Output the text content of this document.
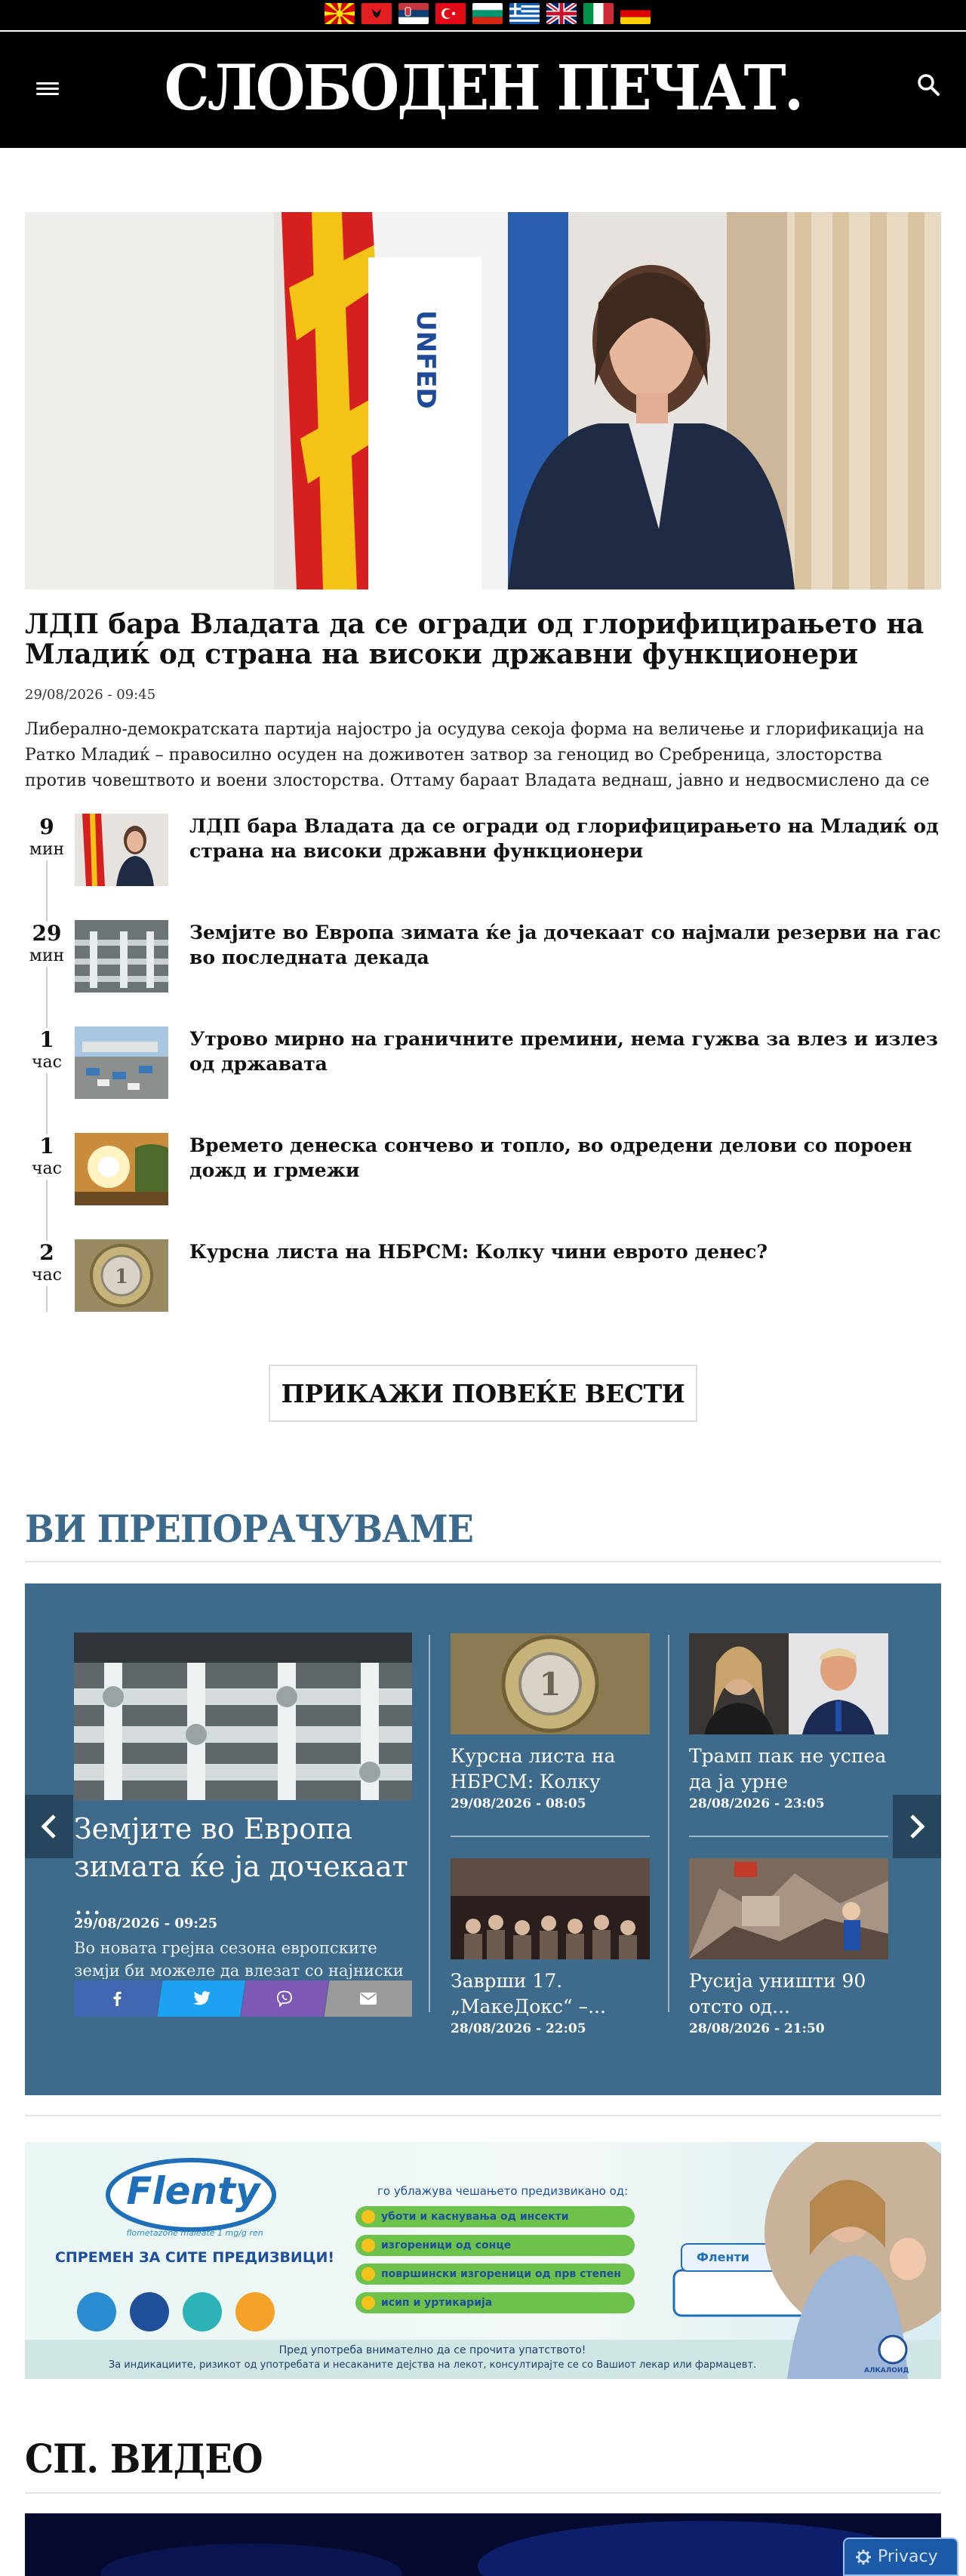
СЛОБОДЕН ПЕЧАТ.
UNFED
ЛДП бара Владата да се огради од глорифицирањето на Младиќ од страна на високи државни функционери
29/08/2026 - 09:45

Либерално-демократската партија најостро ја осудува секоја форма на величење и глорификација на Ратко Младиќ – правосилно осуден на доживотен затвор за геноцид во Сребреница, злосторства против човештвото и воени злосторства. Оттаму бараат Владата веднаш, јавно и недвосмислено да се

9
мин
ЛДП бара Владата да се огради од глорифицирањето на Младиќ од страна на високи државни функционери
29
мин
Земјите во Европа зимата ќе ја дочекаат со најмали резерви на гас во последната декада
1
час
Утрово мирно на граничните премини, нема гужва за влез и излез од државата
1
час
Времето денеска сончево и топло, во одредени делови со пороен дожд и грмежи
2
час	1
Курсна листа на НБРСМ: Колку чини еврото денес?
ПРИКАЖИ ПОВЕЌЕ ВЕСТИ
ВИ ПРЕПОРАЧУВАМЕ
Земјите во Европа зимата ќе ја дочекаат ...
29/08/2026 - 09:25
Во новата грејна сезона европските земји би можеле да влезат со најниски
1
Курсна листа на НБРСМ: Колку
29/08/2026 - 08:05
Трамп пак не успеа да ја урне
28/08/2026 - 23:05
Заврши 17. „МакеДокс“ –...
28/08/2026 - 22:05
Русија уништи 90 отсто од...
28/08/2026 - 21:50
Flenty
flometazone maleate 1 mg/g ren
СПРЕМЕН ЗА СИТЕ ПРЕДИЗВИЦИ!
го ублажува чешањето предизвикано од:
уботи и каснувања од инсекти
изгореници од сонце
површински изгореници од прв степен
исип и уртикарија
Фленти
АЛКАЛОИД
Пред употреба внимателно да се прочита упатството!
За индикациите, ризикот од употребата и несаканите дејства на лекот, консултирајте се со Вашиот лекар или фармацевт.
СП. ВИДЕО
Privacy
